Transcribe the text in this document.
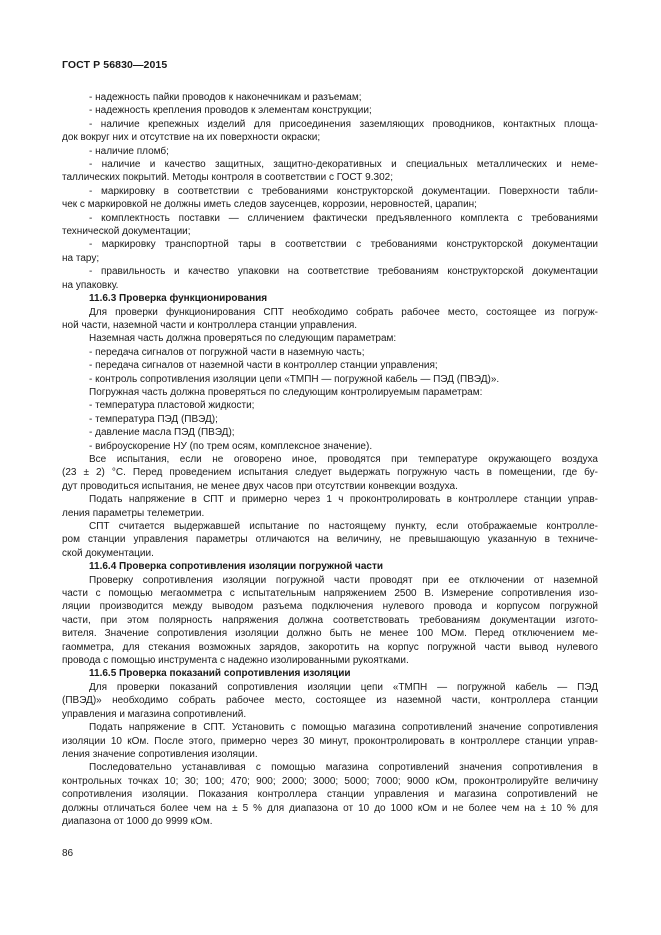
ГОСТ Р 56830—2015
- надежность пайки проводов к наконечникам и разъемам;
- надежность крепления проводов к элементам конструкции;
- наличие крепежных изделий для присоединения заземляющих проводников, контактных площа-
док вокруг них и отсутствие на их поверхности окраски;
- наличие пломб;
- наличие и качество защитных, защитно-декоративных и специальных металлических и неме-
таллических покрытий. Методы контроля в соответствии с ГОСТ 9.302;
- маркировку в соответствии с требованиями конструкторской документации. Поверхности табли-
чек с маркировкой не должны иметь следов заусенцев, коррозии, неровностей, царапин;
- комплектность поставки — слличением фактически предъявленного комплекта с требованиями
технической документации;
- маркировку транспортной тары в соответствии с требованиями конструкторской документации
на тару;
- правильность и качество упаковки на соответствие требованиям конструкторской документации
на упаковку.
11.6.3 Проверка функционирования
Для проверки функционирования СПТ необходимо собрать рабочее место, состоящее из погруж-
ной части, наземной части и контроллера станции управления.
Наземная часть должна проверяться по следующим параметрам:
- передача сигналов от погружной части в наземную часть;
- передача сигналов от наземной части в контроллер станции управления;
- контроль сопротивления изоляции цепи «ТМПН — погружной кабель — ПЭД (ПВЭД)».
Погружная часть должна проверяться по следующим контролируемым параметрам:
- температура пластовой жидкости;
- температура ПЭД (ПВЭД);
- давление масла ПЭД (ПВЭД);
- виброускорение НУ (по трем осям, комплексное значение).
Все испытания, если не оговорено иное, проводятся при температуре окружающего воздуха
(23 ± 2) °С. Перед проведением испытания следует выдержать погружную часть в помещении, где бу-
дут проводиться испытания, не менее двух часов при отсутствии конвекции воздуха.
Подать напряжение в СПТ и примерно через 1 ч проконтролировать в контроллере станции управ-
ления параметры телеметрии.
СПТ считается выдержавшей испытание по настоящему пункту, если отображаемые контролле-
ром станции управления параметры отличаются на величину, не превышающую указанную в техниче-
ской документации.
11.6.4 Проверка сопротивления изоляции погружной части
Проверку сопротивления изоляции погружной части проводят при ее отключении от наземной
части с помощью мегаомметра с испытательным напряжением 2500 В. Измерение сопротивления изо-
ляции производится между выводом разъема подключения нулевого провода и корпусом погружной
части, при этом полярность напряжения должна соответствовать требованиям документации изгото-
вителя. Значение сопротивления изоляции должно быть не менее 100 МОм. Перед отключением ме-
гаомметра, для стекания возможных зарядов, закоротить на корпус погружной части вывод нулевого
провода с помощью инструмента с надежно изолированными рукоятками.
11.6.5 Проверка показаний сопротивления изоляции
Для проверки показаний сопротивления изоляции цепи «ТМПН — погружной кабель — ПЭД
(ПВЭД)» необходимо собрать рабочее место, состоящее из наземной части, контроллера станции
управления и магазина сопротивлений.
Подать напряжение в СПТ. Установить с помощью магазина сопротивлений значение сопротивления
изоляции 10 кОм. После этого, примерно через 30 минут, проконтролировать в контроллере станции управ-
ления значение сопротивления изоляции.
Последовательно устанавливая с помощью магазина сопротивлений значения сопротивления в
контрольных точках 10; 30; 100; 470; 900; 2000; 3000; 5000; 7000; 9000 кОм, проконтролируйте величину
сопротивления изоляции. Показания контроллера станции управления и магазина сопротивлений не
должны отличаться более чем на ± 5 % для диапазона от 10 до 1000 кОм и не более чем на ± 10 % для
диапазона от 1000 до 9999 кОм.
86
